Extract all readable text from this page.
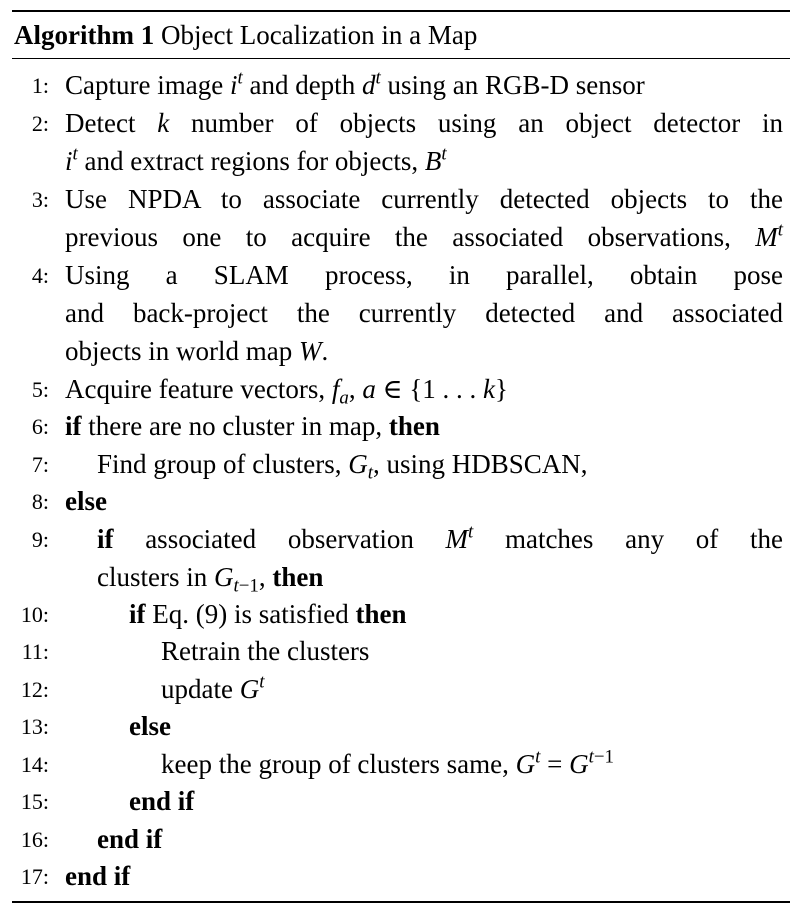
Algorithm 1 Object Localization in a Map
1: Capture image $i^t$ and depth $d^t$ using an RGB-D sensor
2: Detect k number of objects using an object detector in
$i^t$ and extract regions for objects, $B^t$
3: Use NPDA to associate currently detected objects to the
previous one to acquire the associated observations, $M^t$
4: Using a SLAM process, in parallel, obtain pose
and back-project the currently detected and associated
objects in world map W.
5: Acquire feature vectors, $f_a$, a ∈ {1 . . . k}
6: if there are no cluster in map, then
7: Find group of clusters, $G_t$, using HDBSCAN,
8: else
9: if associated observation $M^t$ matches any of the
clusters in $G_{t-1}$, then
10:	if Eq. (9) is satisfied then
11:	Retrain the clusters
12:	update $G^t$
13:	else
14:	keep the group of clusters same, $G^t = G^{t-1}$
15:	end if
16: end if
17: end if
